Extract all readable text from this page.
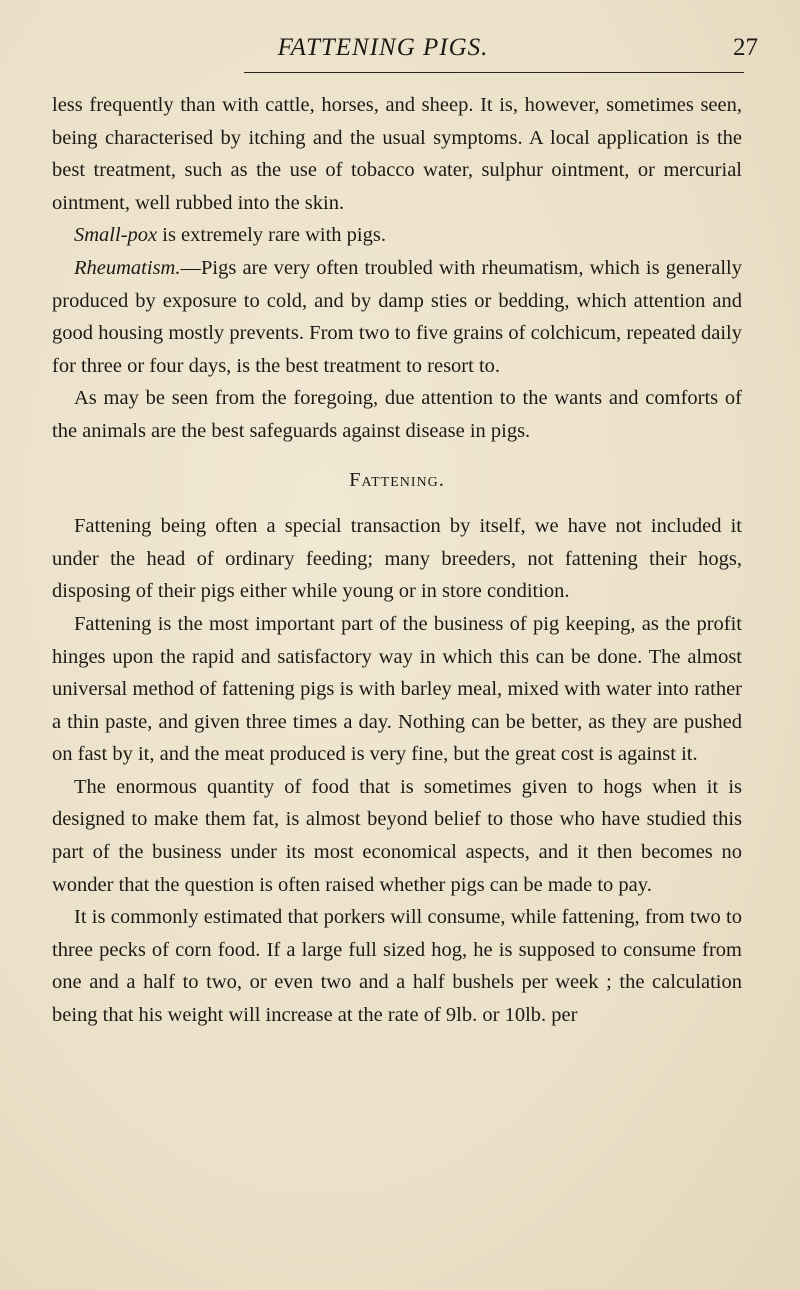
FATTENING PIGS.	27

less frequently than with cattle, horses, and sheep. It is, however, sometimes seen, being characterised by itching and the usual symptoms. A local application is the best treatment, such as the use of tobacco water, sulphur ointment, or mercurial ointment, well rubbed into the skin.

Small-pox is extremely rare with pigs.

Rheumatism.—Pigs are very often troubled with rheumatism, which is generally produced by exposure to cold, and by damp sties or bedding, which attention and good housing mostly prevents. From two to five grains of colchicum, repeated daily for three or four days, is the best treatment to resort to.

As may be seen from the foregoing, due attention to the wants and comforts of the animals are the best safeguards against disease in pigs.

Fattening.

Fattening being often a special transaction by itself, we have not included it under the head of ordinary feeding; many breeders, not fattening their hogs, disposing of their pigs either while young or in store condition.

Fattening is the most important part of the business of pig keeping, as the profit hinges upon the rapid and satisfactory way in which this can be done. The almost universal method of fattening pigs is with barley meal, mixed with water into rather a thin paste, and given three times a day. Nothing can be better, as they are pushed on fast by it, and the meat produced is very fine, but the great cost is against it.

The enormous quantity of food that is sometimes given to hogs when it is designed to make them fat, is almost beyond belief to those who have studied this part of the business under its most economical aspects, and it then becomes no wonder that the question is often raised whether pigs can be made to pay.

It is commonly estimated that porkers will consume, while fattening, from two to three pecks of corn food. If a large full sized hog, he is supposed to consume from one and a half to two, or even two and a half bushels per week ; the calculation being that his weight will increase at the rate of 9lb. or 10lb. per
